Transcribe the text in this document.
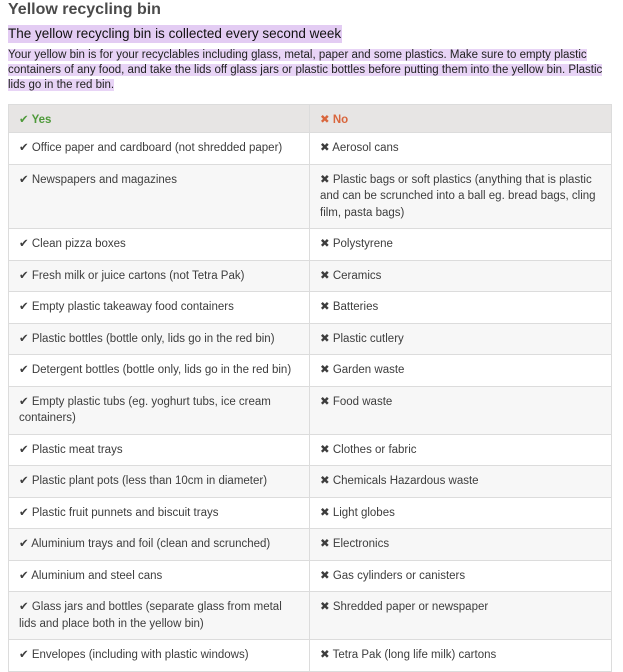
Yellow recycling bin
The yellow recycling bin is collected every second week
Your yellow bin is for your recyclables including glass, metal, paper and some plastics. Make sure to empty plastic containers of any food, and take the lids off glass jars or plastic bottles before putting them into the yellow bin. Plastic lids go in the red bin.
✔ Yes	✖ No
✔ Office paper and cardboard (not shredded paper)	✖ Aerosol cans
✔ Newspapers and magazines	✖ Plastic bags or soft plastics (anything that is plastic and can be scrunched into a ball eg. bread bags, cling film, pasta bags)
✔ Clean pizza boxes	✖ Polystyrene
✔ Fresh milk or juice cartons (not Tetra Pak)	✖ Ceramics
✔ Empty plastic takeaway food containers	✖ Batteries
✔ Plastic bottles (bottle only, lids go in the red bin)	✖ Plastic cutlery
✔ Detergent bottles (bottle only, lids go in the red bin)	✖ Garden waste
✔ Empty plastic tubs (eg. yoghurt tubs, ice cream containers)	✖ Food waste
✔ Plastic meat trays	✖ Clothes or fabric
✔ Plastic plant pots (less than 10cm in diameter)	✖ Chemicals Hazardous waste
✔ Plastic fruit punnets and biscuit trays	✖ Light globes
✔ Aluminium trays and foil (clean and scrunched)	✖ Electronics
✔ Aluminium and steel cans	✖ Gas cylinders or canisters
✔ Glass jars and bottles (separate glass from metal lids and place both in the yellow bin)	✖ Shredded paper or newspaper
✔ Envelopes (including with plastic windows)	✖ Tetra Pak (long life milk) cartons
